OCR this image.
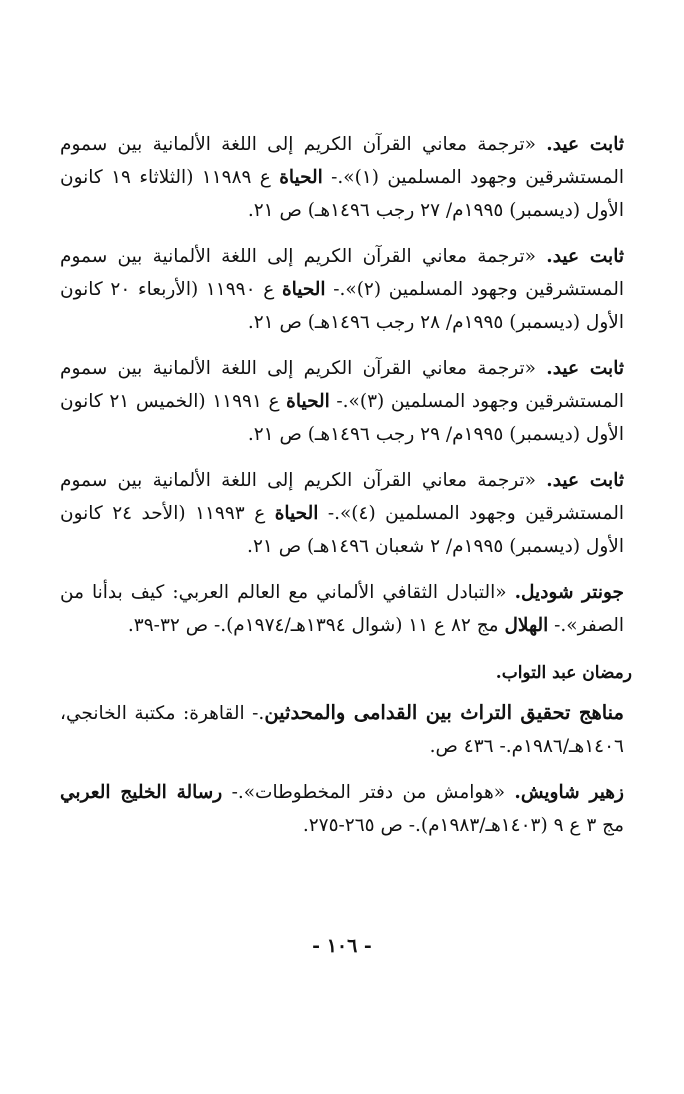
ثابت عيد. «ترجمة معاني القرآن الكريم إلى اللغة الألمانية بين سموم المستشرقين وجهود المسلمين (١)».- الحياة ع ١١٩٨٩ (الثلاثاء ١٩ كانون الأول (ديسمبر) ١٩٩٥م/ ٢٧ رجب ١٤٩٦هـ) ص ٢١.

ثابت عيد. «ترجمة معاني القرآن الكريم إلى اللغة الألمانية بين سموم المستشرقين وجهود المسلمين (٢)».- الحياة ع ١١٩٩٠ (الأربعاء ٢٠ كانون الأول (ديسمبر) ١٩٩٥م/ ٢٨ رجب ١٤٩٦هـ) ص ٢١.

ثابت عيد. «ترجمة معاني القرآن الكريم إلى اللغة الألمانية بين سموم المستشرقين وجهود المسلمين (٣)».- الحياة ع ١١٩٩١ (الخميس ٢١ كانون الأول (ديسمبر) ١٩٩٥م/ ٢٩ رجب ١٤٩٦هـ) ص ٢١.

ثابت عيد. «ترجمة معاني القرآن الكريم إلى اللغة الألمانية بين سموم المستشرقين وجهود المسلمين (٤)».- الحياة ع ١١٩٩٣ (الأحد ٢٤ كانون الأول (ديسمبر) ١٩٩٥م/ ٢ شعبان ١٤٩٦هـ) ص ٢١.

جونتر شوديل. «التبادل الثقافي الألماني مع العالم العربي: كيف بدأنا من الصفر».- الهلال مج ٨٢ ع ١١ (شوال ١٣٩٤هـ/١٩٧٤م).- ص ٣٢-٣٩.

رمضان عبد التواب.

مناهج تحقيق التراث بين القدامى والمحدثين.- القاهرة: مكتبة الخانجي، ١٤٠٦هـ/١٩٨٦م.- ٤٣٦ ص.

زهير شاويش. «هوامش من دفتر المخطوطات».- رسالة الخليج العربي مج ٣ ع ٩ (١٤٠٣هـ/١٩٨٣م).- ص ٢٦٥-٢٧٥.

- ١٠٦ -
